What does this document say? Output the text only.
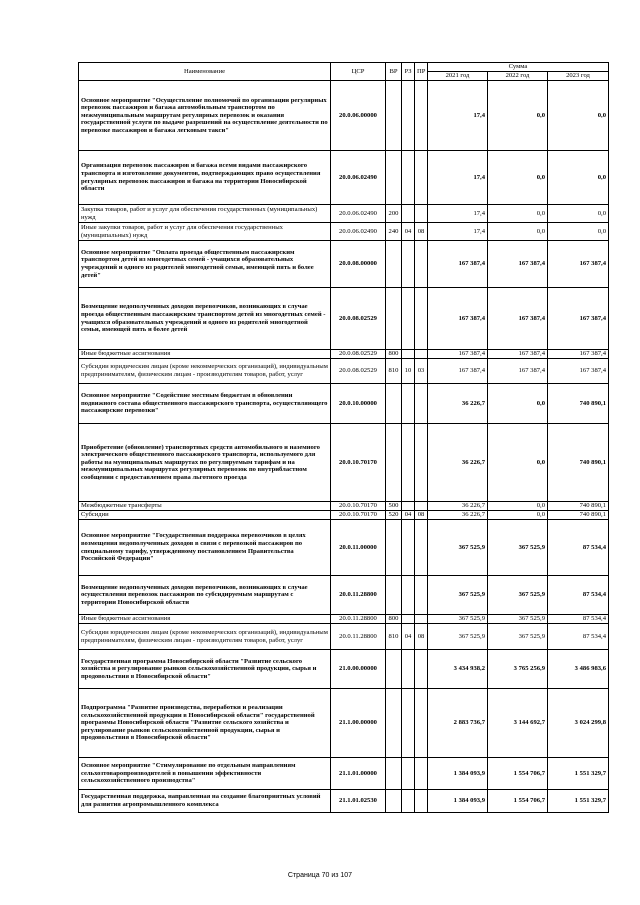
Наименование	ЦСР	ВР	РЗ	ПР	Сумма		
					2021 год	2022 год	2023 год
Основное мероприятие "Осуществление полномочий по организации регулярных перевозок пассажиров и багажа автомобильным транспортом по межмуниципальным маршрутам регулярных перевозок и оказания государственной услуги по выдаче разрешений на осуществление деятельности по перевозке пассажиров и багажа легковым такси"	20.0.06.00000				17,4	0,0	0,0
Организация перевозок пассажиров и багажа всеми видами пассажирского транспорта и изготовление документов, подтверждающих право осуществления регулярных перевозок пассажиров и багажа на территории Новосибирской области	20.0.06.02490				17,4	0,0	0,0
Закупка товаров, работ и услуг для обеспечения государственных (муниципальных) нужд	20.0.06.02490	200			17,4	0,0	0,0
Иные закупки товаров, работ и услуг для обеспечения государственных (муниципальных) нужд	20.0.06.02490	240	04	08	17,4	0,0	0,0
Основное мероприятие "Оплата проезда общественным пассажирским транспортом детей из многодетных семей - учащихся образовательных учреждений и одного из родителей многодетной семьи, имеющей пять и более детей"	20.0.08.00000				167 387,4	167 387,4	167 387,4
Возмещение недополученных доходов перевозчиков, возникающих в случае проезда общественным пассажирским транспортом детей из многодетных семей - учащихся образовательных учреждений и одного из родителей многодетной семьи, имеющей пять и более детей	20.0.08.02529				167 387,4	167 387,4	167 387,4
Иные бюджетные ассигнования	20.0.08.02529	800			167 387,4	167 387,4	167 387,4
Субсидии юридическим лицам (кроме некоммерческих организаций), индивидуальным предпринимателям, физическим лицам - производителям товаров, работ, услуг	20.0.08.02529	810	10	03	167 387,4	167 387,4	167 387,4
Основное мероприятие "Содействие местным бюджетам в обновлении подвижного состава общественного пассажирского транспорта, осуществляющего пассажирские перевозки"	20.0.10.00000				36 226,7	0,0	740 890,1
Приобретение (обновление) транспортных средств автомобильного и наземного электрического общественного пассажирского транспорта, используемого для работы на муниципальных маршрутах по регулируемым тарифам и на межмуниципальных маршрутах регулярных перевозок по внутрибластном сообщении с предоставлением права льготного проезда	20.0.10.70170				36 226,7	0,0	740 890,1
Межбюджетные трансферты	20.0.10.70170	500			36 226,7	0,0	740 890,1
Субсидии	20.0.10.70170	520	04	08	36 226,7	0,0	740 890,1
Основное мероприятие "Государственная поддержка перевозчиков в целях возмещения недополученных доходов в связи с перевозкой пассажиров по специальному тарифу, утвержденному постановлением Правительства Российской Федерации"	20.0.11.00000				367 525,9	367 525,9	87 534,4
Возмещение недополученных доходов перевозчиков, возникающих в случае осуществления перевозок пассажиров по субсидируемым маршрутам с территории Новосибирской области	20.0.11.28800				367 525,9	367 525,9	87 534,4
Иные бюджетные ассигнования	20.0.11.28800	800			367 525,9	367 525,9	87 534,4
Субсидии юридическим лицам (кроме некоммерческих организаций), индивидуальным предпринимателям, физическим лицам - производителям товаров, работ, услуг	20.0.11.28800	810	04	08	367 525,9	367 525,9	87 534,4
Государственная программа Новосибирской области "Развитие сельского хозяйства и регулирование рынков сельскохозяйственной продукции, сырья и продовольствия в Новосибирской области"	21.0.00.00000				3 434 938,2	3 765 256,9	3 486 983,6
Подпрограмма "Развитие производства, переработки и реализации сельскохозяйственной продукции в Новосибирской области" государственной программы Новосибирской области "Развитие сельского хозяйства и регулирование рынков сельскохозяйственной продукции, сырья и продовольствия в Новосибирской области"	21.1.00.00000				2 883 736,7	3 144 692,7	3 024 299,8
Основное мероприятие "Стимулирование по отдельным направлениям сельхозтоваропроизводителей в повышении эффективности сельскохозяйственного производства"	21.1.01.00000				1 384 093,9	1 554 706,7	1 551 329,7
Государственная поддержка, направленная на создание благоприятных условий для развития агропромышленного комплекса	21.1.01.02530				1 384 093,9	1 554 706,7	1 551 329,7
Страница 70 из 107
